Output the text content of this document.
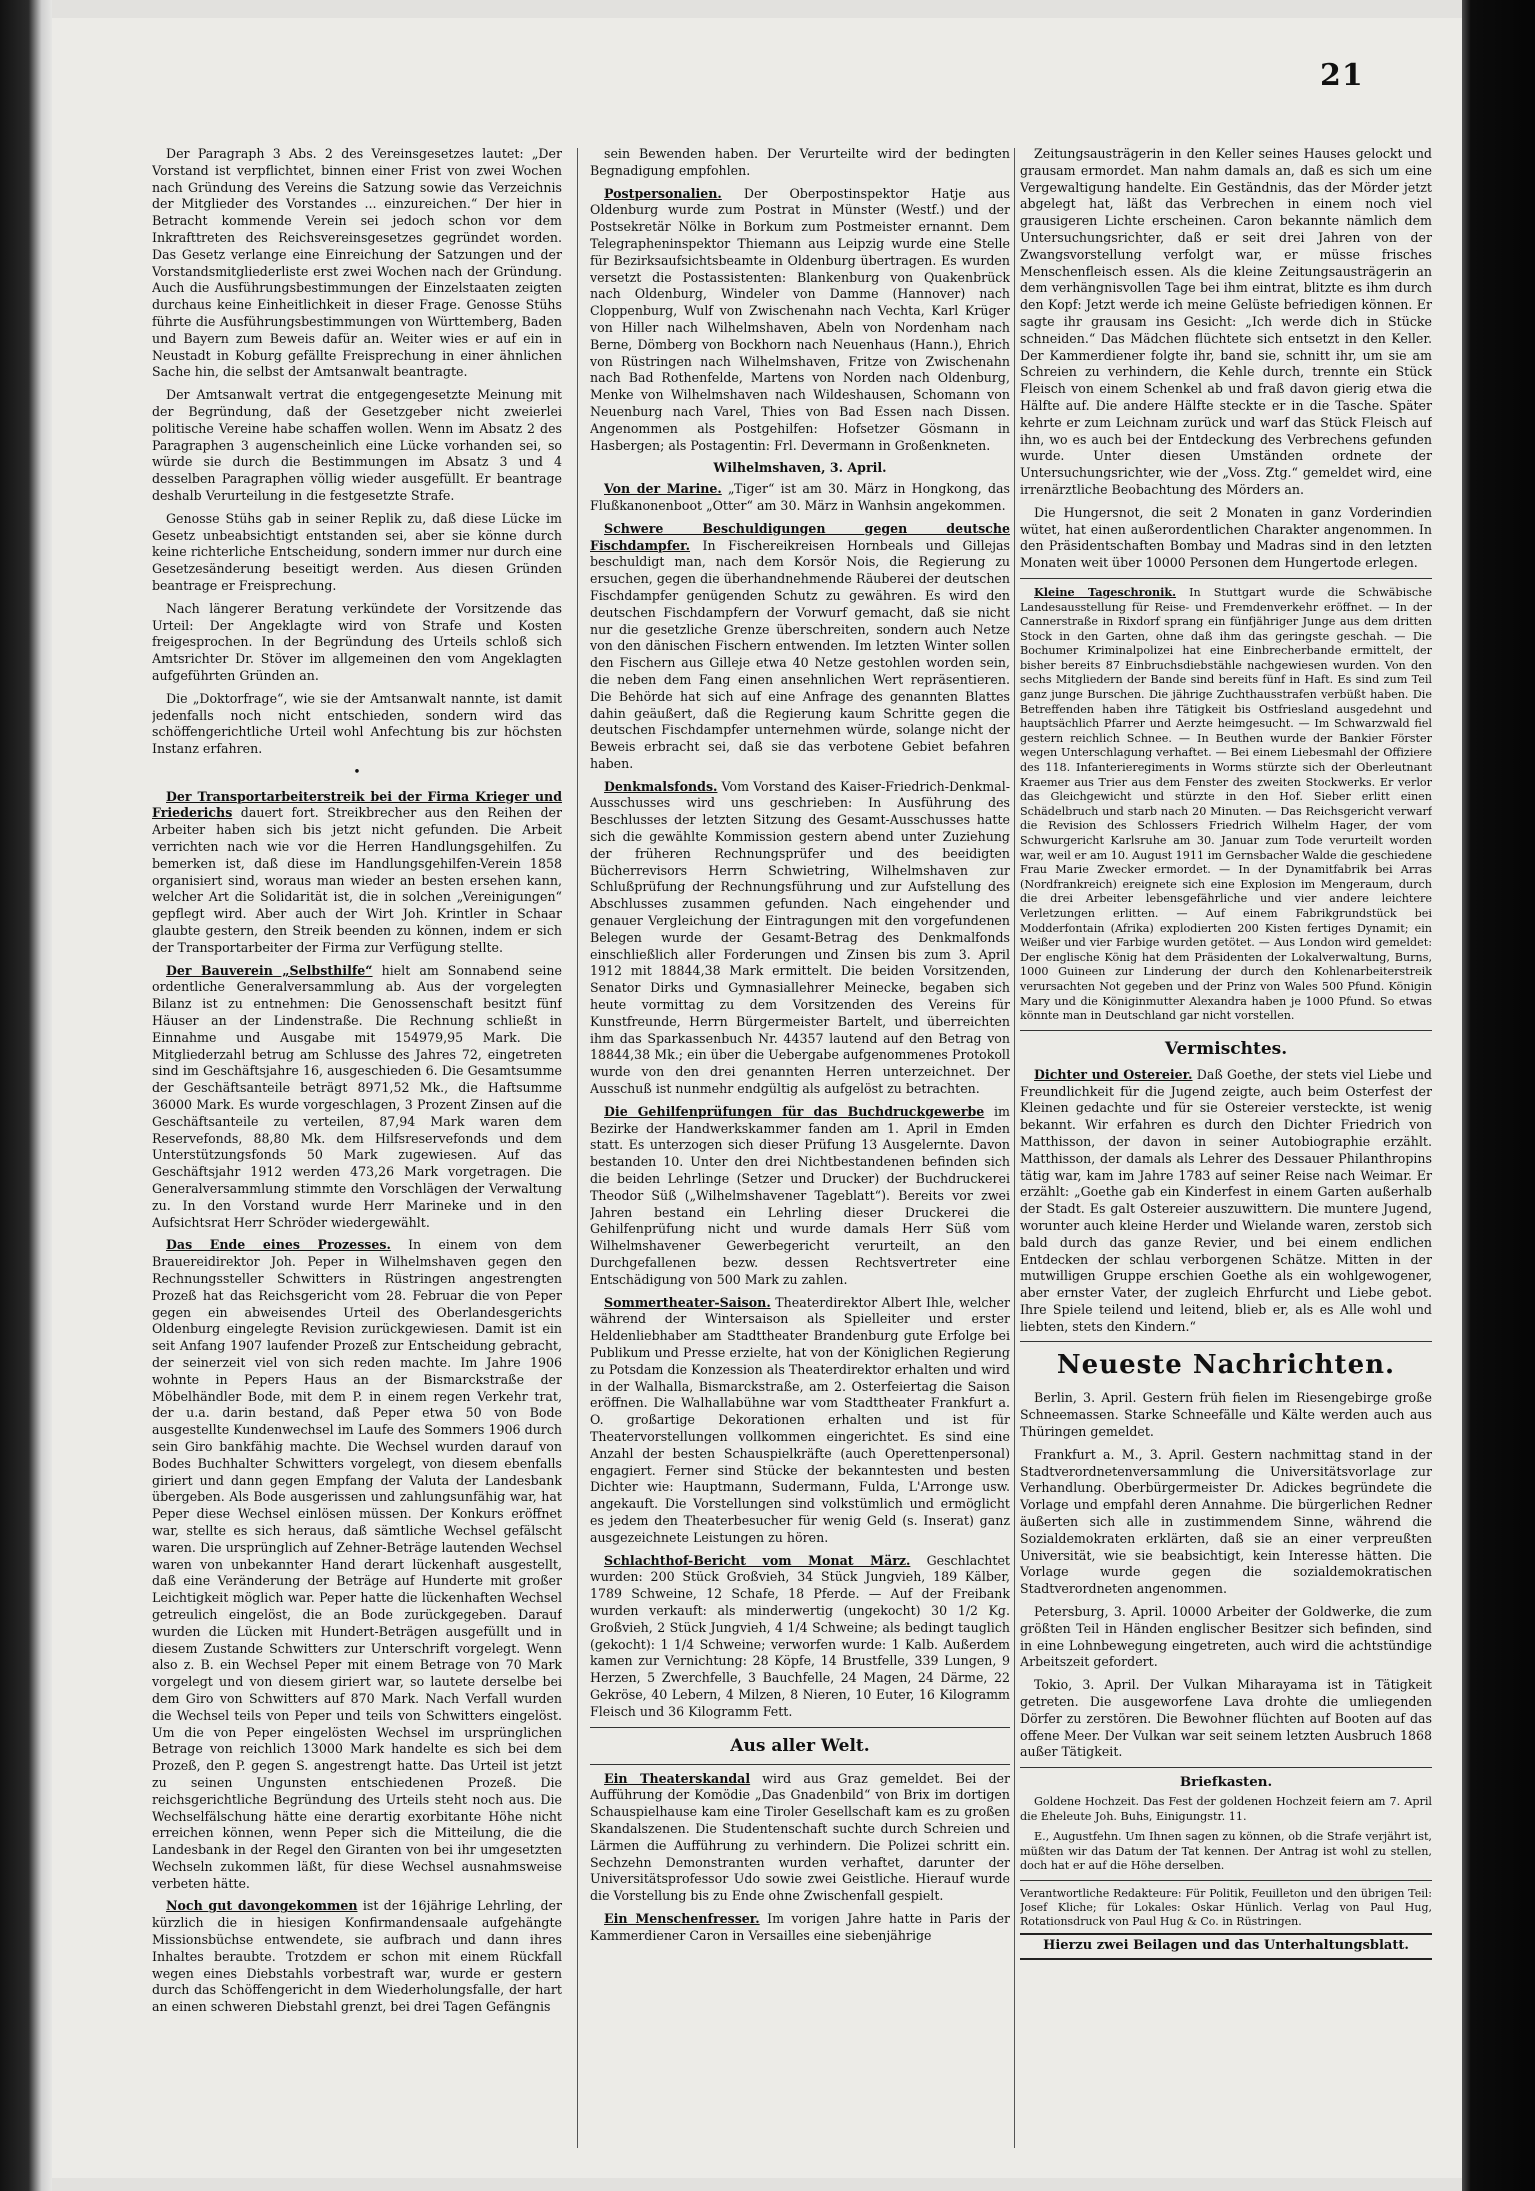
21

Der Paragraph 3 Abs. 2 des Vereinsgesetzes lautet: „Der Vorstand ist verpflichtet, binnen einer Frist von zwei Wochen nach Gründung des Vereins die Satzung sowie das Verzeichnis der Mitglieder des Vorstandes ... einzureichen.“ Der hier in Betracht kommende Verein sei jedoch schon vor dem Inkrafttreten des Reichsvereinsgesetzes gegründet worden. Das Gesetz verlange eine Einreichung der Satzungen und der Vorstandsmitgliederliste erst zwei Wochen nach der Gründung. Auch die Ausführungsbestimmungen der Einzelstaaten zeigten durchaus keine Einheitlichkeit in dieser Frage. Genosse Stühs führte die Ausführungsbestimmungen von Württemberg, Baden und Bayern zum Beweis dafür an. Weiter wies er auf ein in Neustadt in Koburg gefällte Freisprechung in einer ähnlichen Sache hin, die selbst der Amtsanwalt beantragte.

Der Amtsanwalt vertrat die entgegengesetzte Meinung mit der Begründung, daß der Gesetzgeber nicht zweierlei politische Vereine habe schaffen wollen. Wenn im Absatz 2 des Paragraphen 3 augenscheinlich eine Lücke vorhanden sei, so würde sie durch die Bestimmungen im Absatz 3 und 4 desselben Paragraphen völlig wieder ausgefüllt. Er beantrage deshalb Verurteilung in die festgesetzte Strafe.

Genosse Stühs gab in seiner Replik zu, daß diese Lücke im Gesetz unbeabsichtigt entstanden sei, aber sie könne durch keine richterliche Entscheidung, sondern immer nur durch eine Gesetzesänderung beseitigt werden. Aus diesen Gründen beantrage er Freisprechung.

Nach längerer Beratung verkündete der Vorsitzende das Urteil: Der Angeklagte wird von Strafe und Kosten freigesprochen. In der Begründung des Urteils schloß sich Amtsrichter Dr. Stöver im allgemeinen den vom Angeklagten aufgeführten Gründen an.

Die „Doktorfrage“, wie sie der Amtsanwalt nannte, ist damit jedenfalls noch nicht entschieden, sondern wird das schöffengerichtliche Urteil wohl Anfechtung bis zur höchsten Instanz erfahren.

•

Der Transportarbeiterstreik bei der Firma Krieger und Friederichs dauert fort. Streikbrecher aus den Reihen der Arbeiter haben sich bis jetzt nicht gefunden. Die Arbeit verrichten nach wie vor die Herren Handlungsgehilfen. Zu bemerken ist, daß diese im Handlungsgehilfen-Verein 1858 organisiert sind, woraus man wieder an besten ersehen kann, welcher Art die Solidarität ist, die in solchen „Vereinigungen“ gepflegt wird. Aber auch der Wirt Joh. Krintler in Schaar glaubte gestern, den Streik beenden zu können, indem er sich der Transportarbeiter der Firma zur Verfügung stellte.

Der Bauverein „Selbsthilfe“ hielt am Sonnabend seine ordentliche Generalversammlung ab. Aus der vorgelegten Bilanz ist zu entnehmen: Die Genossenschaft besitzt fünf Häuser an der Lindenstraße. Die Rechnung schließt in Einnahme und Ausgabe mit 154979,95 Mark. Die Mitgliederzahl betrug am Schlusse des Jahres 72, eingetreten sind im Geschäftsjahre 16, ausgeschieden 6. Die Gesamtsumme der Geschäftsanteile beträgt 8971,52 Mk., die Haftsumme 36000 Mark. Es wurde vorgeschlagen, 3 Prozent Zinsen auf die Geschäftsanteile zu verteilen, 87,94 Mark waren dem Reservefonds, 88,80 Mk. dem Hilfsreservefonds und dem Unterstützungsfonds 50 Mark zugewiesen. Auf das Geschäftsjahr 1912 werden 473,26 Mark vorgetragen. Die Generalversammlung stimmte den Vorschlägen der Verwaltung zu. In den Vorstand wurde Herr Marineke und in den Aufsichtsrat Herr Schröder wiedergewählt.

Das Ende eines Prozesses. In einem von dem Brauereidirektor Joh. Peper in Wilhelmshaven gegen den Rechnungssteller Schwitters in Rüstringen angestrengten Prozeß hat das Reichsgericht vom 28. Februar die von Peper gegen ein abweisendes Urteil des Oberlandesgerichts Oldenburg eingelegte Revision zurückgewiesen. Damit ist ein seit Anfang 1907 laufender Prozeß zur Entscheidung gebracht, der seinerzeit viel von sich reden machte. Im Jahre 1906 wohnte in Pepers Haus an der Bismarckstraße der Möbelhändler Bode, mit dem P. in einem regen Verkehr trat, der u.a. darin bestand, daß Peper etwa 50 von Bode ausgestellte Kundenwechsel im Laufe des Sommers 1906 durch sein Giro bankfähig machte. Die Wechsel wurden darauf von Bodes Buchhalter Schwitters vorgelegt, von diesem ebenfalls giriert und dann gegen Empfang der Valuta der Landesbank übergeben. Als Bode ausgerissen und zahlungsunfähig war, hat Peper diese Wechsel einlösen müssen. Der Konkurs eröffnet war, stellte es sich heraus, daß sämtliche Wechsel gefälscht waren. Die ursprünglich auf Zehner-Beträge lautenden Wechsel waren von unbekannter Hand derart lückenhaft ausgestellt, daß eine Veränderung der Beträge auf Hunderte mit großer Leichtigkeit möglich war. Peper hatte die lückenhaften Wechsel getreulich eingelöst, die an Bode zurückgegeben. Darauf wurden die Lücken mit Hundert-Beträgen ausgefüllt und in diesem Zustande Schwitters zur Unterschrift vorgelegt. Wenn also z. B. ein Wechsel Peper mit einem Betrage von 70 Mark vorgelegt und von diesem giriert war, so lautete derselbe bei dem Giro von Schwitters auf 870 Mark. Nach Verfall wurden die Wechsel teils von Peper und teils von Schwitters eingelöst. Um die von Peper eingelösten Wechsel im ursprünglichen Betrage von reichlich 13000 Mark handelte es sich bei dem Prozeß, den P. gegen S. angestrengt hatte. Das Urteil ist jetzt zu seinen Ungunsten entschiedenen Prozeß. Die reichsgerichtliche Begründung des Urteils steht noch aus. Die Wechselfälschung hätte eine derartig exorbitante Höhe nicht erreichen können, wenn Peper sich die Mitteilung, die die Landesbank in der Regel den Giranten von bei ihr umgesetzten Wechseln zukommen läßt, für diese Wechsel ausnahmsweise verbeten hätte.

Noch gut davongekommen ist der 16jährige Lehrling, der kürzlich die in hiesigen Konfirmandensaale aufgehängte Missionsbüchse entwendete, sie aufbrach und dann ihres Inhaltes beraubte. Trotzdem er schon mit einem Rückfall wegen eines Diebstahls vorbestraft war, wurde er gestern durch das Schöffengericht in dem Wiederholungsfalle, der hart an einen schweren Diebstahl grenzt, bei drei Tagen Gefängnis

sein Bewenden haben. Der Verurteilte wird der bedingten Begnadigung empfohlen.

Postpersonalien. Der Oberpostinspektor Hatje aus Oldenburg wurde zum Postrat in Münster (Westf.) und der Postsekretär Nölke in Borkum zum Postmeister ernannt. Dem Telegrapheninspektor Thiemann aus Leipzig wurde eine Stelle für Bezirksaufsichtsbeamte in Oldenburg übertragen. Es wurden versetzt die Postassistenten: Blankenburg von Quakenbrück nach Oldenburg, Windeler von Damme (Hannover) nach Cloppenburg, Wulf von Zwischenahn nach Vechta, Karl Krüger von Hiller nach Wilhelmshaven, Abeln von Nordenham nach Berne, Dömberg von Bockhorn nach Neuenhaus (Hann.), Ehrich von Rüstringen nach Wilhelmshaven, Fritze von Zwischenahn nach Bad Rothenfelde, Martens von Norden nach Oldenburg, Menke von Wilhelmshaven nach Wildeshausen, Schomann von Neuenburg nach Varel, Thies von Bad Essen nach Dissen. Angenommen als Postgehilfen: Hofsetzer Gösmann in Hasbergen; als Postagentin: Frl. Devermann in Großenkneten.

Wilhelmshaven, 3. April.

Von der Marine. „Tiger“ ist am 30. März in Hongkong, das Flußkanonenboot „Otter“ am 30. März in Wanhsin angekommen.

Schwere Beschuldigungen gegen deutsche Fischdampfer. In Fischereikreisen Hornbeals und Gillejas beschuldigt man, nach dem Korsör Nois, die Regierung zu ersuchen, gegen die überhandnehmende Räuberei der deutschen Fischdampfer genügenden Schutz zu gewähren. Es wird den deutschen Fischdampfern der Vorwurf gemacht, daß sie nicht nur die gesetzliche Grenze überschreiten, sondern auch Netze von den dänischen Fischern entwenden. Im letzten Winter sollen den Fischern aus Gilleje etwa 40 Netze gestohlen worden sein, die neben dem Fang einen ansehnlichen Wert repräsentieren. Die Behörde hat sich auf eine Anfrage des genannten Blattes dahin geäußert, daß die Regierung kaum Schritte gegen die deutschen Fischdampfer unternehmen würde, solange nicht der Beweis erbracht sei, daß sie das verbotene Gebiet befahren haben.

Denkmalsfonds. Vom Vorstand des Kaiser-Friedrich-Denkmal-Ausschusses wird uns geschrieben: In Ausführung des Beschlusses der letzten Sitzung des Gesamt-Ausschusses hatte sich die gewählte Kommission gestern abend unter Zuziehung der früheren Rechnungsprüfer und des beeidigten Bücherrevisors Herrn Schwietring, Wilhelmshaven zur Schlußprüfung der Rechnungsführung und zur Aufstellung des Abschlusses zusammen gefunden. Nach eingehender und genauer Vergleichung der Eintragungen mit den vorgefundenen Belegen wurde der Gesamt-Betrag des Denkmalfonds einschließlich aller Forderungen und Zinsen bis zum 3. April 1912 mit 18844,38 Mark ermittelt. Die beiden Vorsitzenden, Senator Dirks und Gymnasiallehrer Meinecke, begaben sich heute vormittag zu dem Vorsitzenden des Vereins für Kunstfreunde, Herrn Bürgermeister Bartelt, und überreichten ihm das Sparkassenbuch Nr. 44357 lautend auf den Betrag von 18844,38 Mk.; ein über die Uebergabe aufgenommenes Protokoll wurde von den drei genannten Herren unterzeichnet. Der Ausschuß ist nunmehr endgültig als aufgelöst zu betrachten.

Die Gehilfenprüfungen für das Buchdruckgewerbe im Bezirke der Handwerkskammer fanden am 1. April in Emden statt. Es unterzogen sich dieser Prüfung 13 Ausgelernte. Davon bestanden 10. Unter den drei Nichtbestandenen befinden sich die beiden Lehrlinge (Setzer und Drucker) der Buchdruckerei Theodor Süß („Wilhelmshavener Tageblatt“). Bereits vor zwei Jahren bestand ein Lehrling dieser Druckerei die Gehilfenprüfung nicht und wurde damals Herr Süß vom Wilhelmshavener Gewerbegericht verurteilt, an den Durchgefallenen bezw. dessen Rechtsvertreter eine Entschädigung von 500 Mark zu zahlen.

Sommertheater-Saison. Theaterdirektor Albert Ihle, welcher während der Wintersaison als Spielleiter und erster Heldenliebhaber am Stadttheater Brandenburg gute Erfolge bei Publikum und Presse erzielte, hat von der Königlichen Regierung zu Potsdam die Konzession als Theaterdirektor erhalten und wird in der Walhalla, Bismarckstraße, am 2. Osterfeiertag die Saison eröffnen. Die Walhallabühne war vom Stadttheater Frankfurt a. O. großartige Dekorationen erhalten und ist für Theatervorstellungen vollkommen eingerichtet. Es sind eine Anzahl der besten Schauspielkräfte (auch Operettenpersonal) engagiert. Ferner sind Stücke der bekanntesten und besten Dichter wie: Hauptmann, Sudermann, Fulda, L'Arronge usw. angekauft. Die Vorstellungen sind volkstümlich und ermöglicht es jedem den Theaterbesucher für wenig Geld (s. Inserat) ganz ausgezeichnete Leistungen zu hören.

Schlachthof-Bericht vom Monat März. Geschlachtet wurden: 200 Stück Großvieh, 34 Stück Jungvieh, 189 Kälber, 1789 Schweine, 12 Schafe, 18 Pferde. — Auf der Freibank wurden verkauft: als minderwertig (ungekocht) 30 1/2 Kg. Großvieh, 2 Stück Jungvieh, 4 1/4 Schweine; als bedingt tauglich (gekocht): 1 1/4 Schweine; verworfen wurde: 1 Kalb. Außerdem kamen zur Vernichtung: 28 Köpfe, 14 Brustfelle, 339 Lungen, 9 Herzen, 5 Zwerchfelle, 3 Bauchfelle, 24 Magen, 24 Därme, 22 Gekröse, 40 Lebern, 4 Milzen, 8 Nieren, 10 Euter, 16 Kilogramm Fleisch und 36 Kilogramm Fett.

Aus aller Welt.

Ein Theaterskandal wird aus Graz gemeldet. Bei der Aufführung der Komödie „Das Gnadenbild“ von Brix im dortigen Schauspielhause kam eine Tiroler Gesellschaft kam es zu großen Skandalszenen. Die Studentenschaft suchte durch Schreien und Lärmen die Aufführung zu verhindern. Die Polizei schritt ein. Sechzehn Demonstranten wurden verhaftet, darunter der Universitätsprofessor Udo sowie zwei Geistliche. Hierauf wurde die Vorstellung bis zu Ende ohne Zwischenfall gespielt.

Ein Menschenfresser. Im vorigen Jahre hatte in Paris der Kammerdiener Caron in Versailles eine siebenjährige

Zeitungsausträgerin in den Keller seines Hauses gelockt und grausam ermordet. Man nahm damals an, daß es sich um eine Vergewaltigung handelte. Ein Geständnis, das der Mörder jetzt abgelegt hat, läßt das Verbrechen in einem noch viel grausigeren Lichte erscheinen. Caron bekannte nämlich dem Untersuchungsrichter, daß er seit drei Jahren von der Zwangsvorstellung verfolgt war, er müsse frisches Menschenfleisch essen. Als die kleine Zeitungsausträgerin an dem verhängnisvollen Tage bei ihm eintrat, blitzte es ihm durch den Kopf: Jetzt werde ich meine Gelüste befriedigen können. Er sagte ihr grausam ins Gesicht: „Ich werde dich in Stücke schneiden.“ Das Mädchen flüchtete sich entsetzt in den Keller. Der Kammerdiener folgte ihr, band sie, schnitt ihr, um sie am Schreien zu verhindern, die Kehle durch, trennte ein Stück Fleisch von einem Schenkel ab und fraß davon gierig etwa die Hälfte auf. Die andere Hälfte steckte er in die Tasche. Später kehrte er zum Leichnam zurück und warf das Stück Fleisch auf ihn, wo es auch bei der Entdeckung des Verbrechens gefunden wurde. Unter diesen Umständen ordnete der Untersuchungsrichter, wie der „Voss. Ztg.“ gemeldet wird, eine irrenärztliche Beobachtung des Mörders an.

Die Hungersnot, die seit 2 Monaten in ganz Vorderindien wütet, hat einen außerordentlichen Charakter angenommen. In den Präsidentschaften Bombay und Madras sind in den letzten Monaten weit über 10000 Personen dem Hungertode erlegen.

Kleine Tageschronik. In Stuttgart wurde die Schwäbische Landesausstellung für Reise- und Fremdenverkehr eröffnet. — In der Cannerstraße in Rixdorf sprang ein fünfjähriger Junge aus dem dritten Stock in den Garten, ohne daß ihm das geringste geschah. — Die Bochumer Kriminalpolizei hat eine Einbrecherbande ermittelt, der bisher bereits 87 Einbruchsdiebstähle nachgewiesen wurden. Von den sechs Mitgliedern der Bande sind bereits fünf in Haft. Es sind zum Teil ganz junge Burschen. Die jährige Zuchthausstrafen verbüßt haben. Die Betreffenden haben ihre Tätigkeit bis Ostfriesland ausgedehnt und hauptsächlich Pfarrer und Aerzte heimgesucht. — Im Schwarzwald fiel gestern reichlich Schnee. — In Beuthen wurde der Bankier Förster wegen Unterschlagung verhaftet. — Bei einem Liebesmahl der Offiziere des 118. Infanterieregiments in Worms stürzte sich der Oberleutnant Kraemer aus Trier aus dem Fenster des zweiten Stockwerks. Er verlor das Gleichgewicht und stürzte in den Hof. Sieber erlitt einen Schädelbruch und starb nach 20 Minuten. — Das Reichsgericht verwarf die Revision des Schlossers Friedrich Wilhelm Hager, der vom Schwurgericht Karlsruhe am 30. Januar zum Tode verurteilt worden war, weil er am 10. August 1911 im Gernsbacher Walde die geschiedene Frau Marie Zwecker ermordet. — In der Dynamitfabrik bei Arras (Nordfrankreich) ereignete sich eine Explosion im Mengeraum, durch die drei Arbeiter lebensgefährliche und vier andere leichtere Verletzungen erlitten. — Auf einem Fabrikgrundstück bei Modderfontain (Afrika) explodierten 200 Kisten fertiges Dynamit; ein Weißer und vier Farbige wurden getötet. — Aus London wird gemeldet: Der englische König hat dem Präsidenten der Lokalverwaltung, Burns, 1000 Guineen zur Linderung der durch den Kohlenarbeiterstreik verursachten Not gegeben und der Prinz von Wales 500 Pfund. Königin Mary und die Königinmutter Alexandra haben je 1000 Pfund. So etwas könnte man in Deutschland gar nicht vorstellen.

Vermischtes.

Dichter und Ostereier. Daß Goethe, der stets viel Liebe und Freundlichkeit für die Jugend zeigte, auch beim Osterfest der Kleinen gedachte und für sie Ostereier versteckte, ist wenig bekannt. Wir erfahren es durch den Dichter Friedrich von Matthisson, der davon in seiner Autobiographie erzählt. Matthisson, der damals als Lehrer des Dessauer Philanthropins tätig war, kam im Jahre 1783 auf seiner Reise nach Weimar. Er erzählt: „Goethe gab ein Kinderfest in einem Garten außerhalb der Stadt. Es galt Ostereier auszuwittern. Die muntere Jugend, worunter auch kleine Herder und Wielande waren, zerstob sich bald durch das ganze Revier, und bei einem endlichen Entdecken der schlau verborgenen Schätze. Mitten in der mutwilligen Gruppe erschien Goethe als ein wohlgewogener, aber ernster Vater, der zugleich Ehrfurcht und Liebe gebot. Ihre Spiele teilend und leitend, blieb er, als es Alle wohl und liebten, stets den Kindern.“

Neueste Nachrichten.

Berlin, 3. April. Gestern früh fielen im Riesengebirge große Schneemassen. Starke Schneefälle und Kälte werden auch aus Thüringen gemeldet.

Frankfurt a. M., 3. April. Gestern nachmittag stand in der Stadtverordnetenversammlung die Universitätsvorlage zur Verhandlung. Oberbürgermeister Dr. Adickes begründete die Vorlage und empfahl deren Annahme. Die bürgerlichen Redner äußerten sich alle in zustimmendem Sinne, während die Sozialdemokraten erklärten, daß sie an einer verpreußten Universität, wie sie beabsichtigt, kein Interesse hätten. Die Vorlage wurde gegen die sozialdemokratischen Stadtverordneten angenommen.

Petersburg, 3. April. 10000 Arbeiter der Goldwerke, die zum größten Teil in Händen englischer Besitzer sich befinden, sind in eine Lohnbewegung eingetreten, auch wird die achtstündige Arbeitszeit gefordert.

Tokio, 3. April. Der Vulkan Miharayama ist in Tätigkeit getreten. Die ausgeworfene Lava drohte die umliegenden Dörfer zu zerstören. Die Bewohner flüchten auf Booten auf das offene Meer. Der Vulkan war seit seinem letzten Ausbruch 1868 außer Tätigkeit.

Briefkasten.

Goldene Hochzeit. Das Fest der goldenen Hochzeit feiern am 7. April die Eheleute Joh. Buhs, Einigungstr. 11.

E., Augustfehn. Um Ihnen sagen zu können, ob die Strafe verjährt ist, müßten wir das Datum der Tat kennen. Der Antrag ist wohl zu stellen, doch hat er auf die Höhe derselben.

Verantwortliche Redakteure: Für Politik, Feuilleton und den übrigen Teil: Josef Kliche; für Lokales: Oskar Hünlich. Verlag von Paul Hug, Rotationsdruck von Paul Hug & Co. in Rüstringen.

Hierzu zwei Beilagen und das Unterhaltungsblatt.
